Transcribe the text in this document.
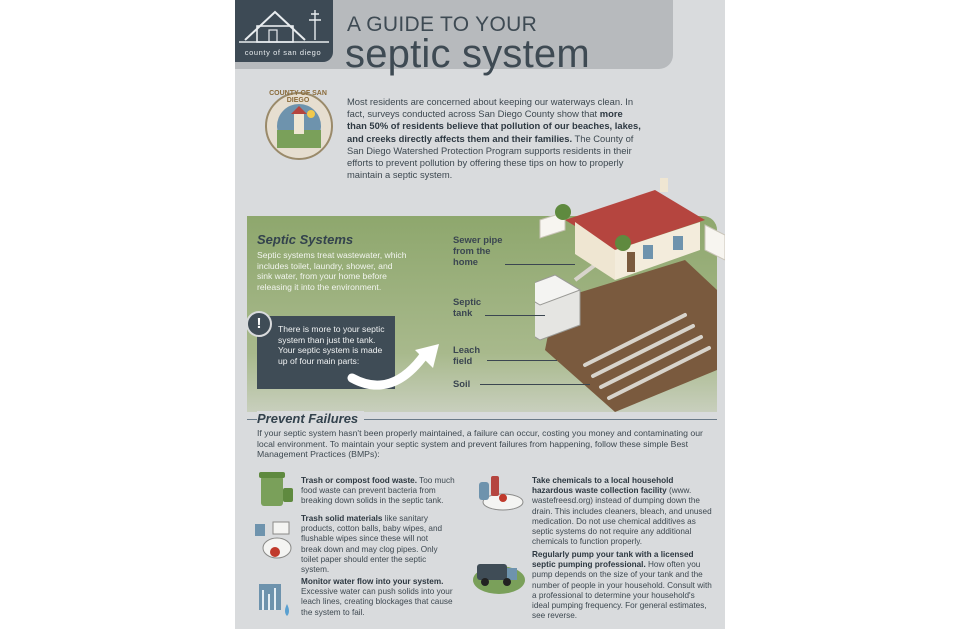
county of san diego
A GUIDE TO YOUR
septic system
COUNTY OF SAN DIEGO	Most residents are concerned about keeping our waterways clean. In fact, surveys conducted across San Diego County show that more than 50% of residents believe that pollution of our beaches, lakes, and creeks directly affects them and their families. The County of San Diego Watershed Protection Program supports residents in their efforts to prevent pollution by offering these tips on how to properly maintain a septic system.
Septic Systems
Septic systems treat wastewater, which includes toilet, laundry, shower, and sink water, from your home before releasing it into the environment.
!	There is more to your septic system than just the tank. Your septic system is made up of four main parts:
Sewer pipe from the home
Septic tank
Leach field
Soil
Prevent Failures
If your septic system hasn't been properly maintained, a failure can occur, costing you money and contaminating our local environment. To maintain your septic system and prevent failures from happening, follow these simple Best Management Practices (BMPs):
Trash or compost food waste. Too much food waste can prevent bacteria from breaking down solids in the septic tank.
Trash solid materials like sanitary products, cotton balls, baby wipes, and flushable wipes since these will not break down and may clog pipes. Only toilet paper should enter the septic system.
Monitor water flow into your system. Excessive water can push solids into your leach lines, creating blockages that cause the system to fail.
Take chemicals to a local household hazardous waste collection facility (www. wastefreesd.org) instead of dumping down the drain. This includes cleaners, bleach, and unused medication. Do not use chemical additives as septic systems do not require any additional chemicals to function properly.
Regularly pump your tank with a licensed septic pumping professional. How often you pump depends on the size of your tank and the number of people in your household. Consult with a professional to determine your household's ideal pumping frequency. For general estimates, see reverse.
